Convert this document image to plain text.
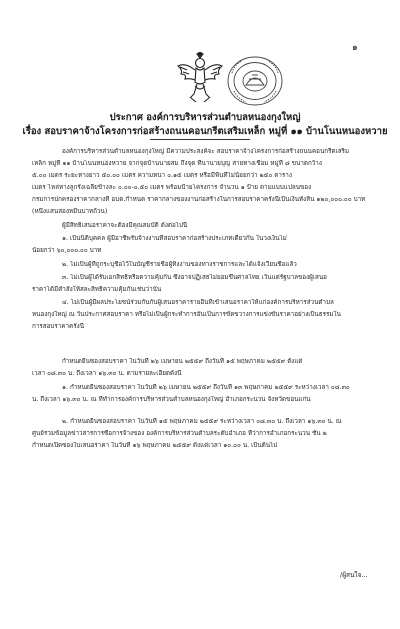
๑
ประกาศ องค์การบริหารส่วนตำบลหนองกุงใหญ่
เรื่อง สอบราคาจ้างโครงการก่อสร้างถนนคอนกรีตเสริมเหล็ก หมู่ที่ ๑๑ บ้านโนนหนองหวาย
องค์การบริหารส่วนตำบลหนองกุงใหญ่ มีความประสงค์จะ สอบราคาจ้างโครงการก่อสร้างถนนคอนกรีตเสริม
เหล็ก หมู่ที่ ๑๑ บ้านโนนหนองหวาย จากจุดบ้านนายสม ถึงจุด ที่นานายบุญ สายทางเชื่อม หมู่ที่ ๘ ขนาดกว้าง
๕.๐๐ เมตร ระยะทางยาว ๕๐.๐๐ เมตร ความหนา ๐.๑๕ เมตร หรือมีพื้นที่ไม่น้อยกว่า ๒๕๐ ตาราง
เมตร ไหล่ทางลูกรังเฉลี่ยข้างละ ๐.๐๐-๐.๕๐ เมตร พร้อมป้ายโครงการ จำนวน ๑ ป้าย ตามแบบแปลนของ
กรมการปกครองราคากลางที่ อบต.กำหนด ราคากลางของงานก่อสร้างในการสอบราคาครั้งนี้เป็นเงินทั้งสิ้น ๑๒๐,๐๐๐.๐๐ บาท
(หนึ่งแสนสองหมื่นบาทถ้วน)
ผู้มีสิทธิเสนอราคาจะต้องมีคุณสมบัติ ดังต่อไปนี้
๑. เป็นนิติบุคคล ผู้มีอาชีพรับจ้างงานที่สอบราคาก่อสร้างประเภทเดียวกัน ในวงเงินไม่
น้อยกว่า ๖๐,๐๐๐.๐๐ บาท
๒. ไม่เป็นผู้ที่ถูกระบุชื่อไว้ในบัญชีรายชื่อผู้ทิ้งงานของทางราชการและได้แจ้งเวียนชื่อแล้ว
๓. ไม่เป็นผู้ได้รับเอกสิทธิ์หรือความคุ้มกัน ซึ่งอาจปฏิเสธไม่ยอมขึ้นศาลไทย เว้นแต่รัฐบาลของผู้เสนอ
ราคาได้มีคำสั่งให้สละสิทธิ์ความคุ้มกันเช่นว่านั้น
๔. ไม่เป็นผู้มีผลประโยชน์ร่วมกันกับผู้เสนอราคารายอื่นที่เข้าเสนอราคาให้แก่องค์การบริหารส่วนตำบล
หนองกุงใหญ่ ณ วันประกาศสอบราคา หรือไม่เป็นผู้กระทำการอันเป็นการขัดขวางการแข่งขันราคาอย่างเป็นธรรมใน
การสอบราคาครั้งนี้
กำหนดยื่นซองสอบราคา ในวันที่ ๒๖ เมษายน ๒๕๕๙ ถึงวันที่ ๑๕ พฤษภาคม ๒๕๕๙ ตั้งแต่
เวลา ๐๘.๓๐ น. ถึงเวลา ๑๖.๓๐ น. ตามรายละเอียดดังนี้
๑. กำหนดยื่นซองสอบราคา ในวันที่ ๒๖ เมษายน ๒๕๕๙ ถึงวันที่ ๑๓ พฤษภาคม ๒๕๕๙ ระหว่างเวลา ๐๘.๓๐
น. ถึงเวลา ๑๖.๓๐ น. ณ ที่ทำการองค์การบริหารส่วนตำบลหนองกุงใหญ่ อำเภอกระนวน จังหวัดขอนแก่น
๒. กำหนดยื่นซองสอบราคา ในวันที่ ๑๕ พฤษภาคม ๒๕๕๙ ระหว่างเวลา ๐๘.๓๐ น. ถึงเวลา ๑๖.๓๐ น. ณ
ศูนย์รวมข้อมูลข่าวสารการซื้อการจ้างของ องค์การบริหารส่วนตำบลระดับอำเภอ ที่ว่าการอำเภอกระนวน ชั้น ๒
กำหนดเปิดซองใบเสนอราคา ในวันที่ ๑๖ พฤษภาคม ๒๕๕๙ ตั้งแต่เวลา ๑๐.๐๐ น. เป็นต้นไป
/ผู้สนใจ...
